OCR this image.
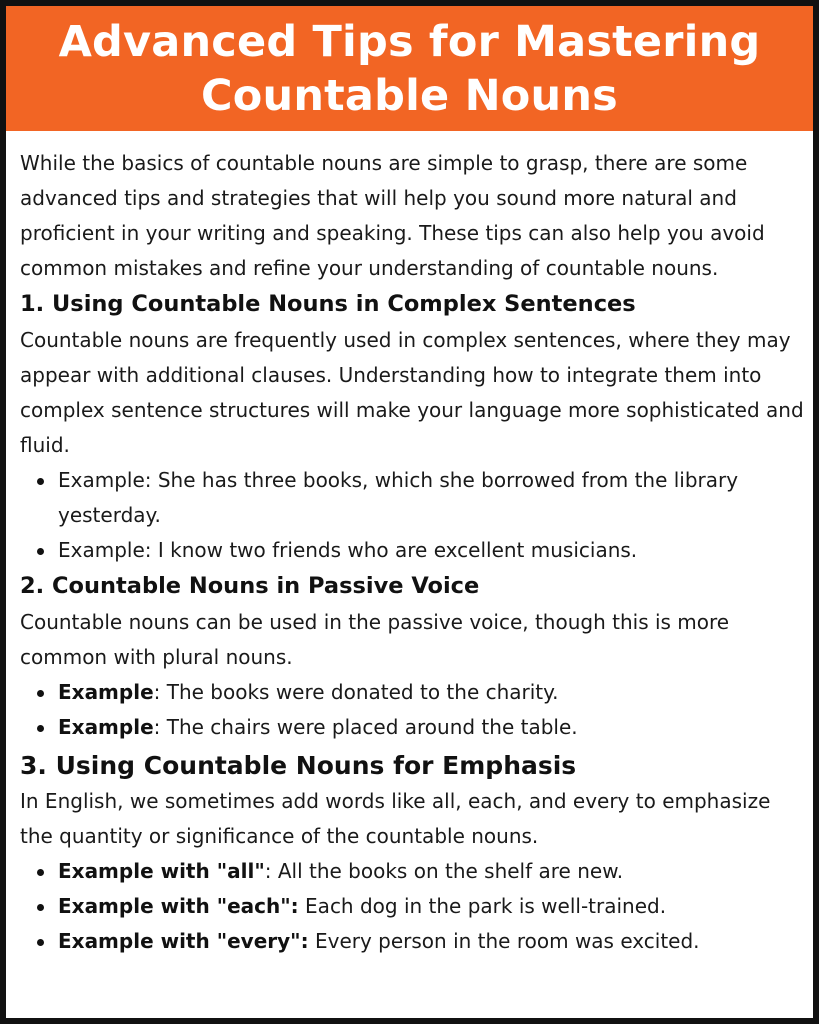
Advanced Tips for Mastering Countable Nouns

While the basics of countable nouns are simple to grasp, there are some advanced tips and strategies that will help you sound more natural and proficient in your writing and speaking. These tips can also help you avoid common mistakes and refine your understanding of countable nouns.

1. Using Countable Nouns in Complex Sentences

Countable nouns are frequently used in complex sentences, where they may appear with additional clauses. Understanding how to integrate them into complex sentence structures will make your language more sophisticated and fluid.

Example: She has three books, which she borrowed from the library yesterday.
Example: I know two friends who are excellent musicians.
2. Countable Nouns in Passive Voice

Countable nouns can be used in the passive voice, though this is more common with plural nouns.

Example: The books were donated to the charity.
Example: The chairs were placed around the table.
3. Using Countable Nouns for Emphasis

In English, we sometimes add words like all, each, and every to emphasize the quantity or significance of the countable nouns.

Example with "all": All the books on the shelf are new.
Example with "each": Each dog in the park is well-trained.
Example with "every": Every person in the room was excited.
